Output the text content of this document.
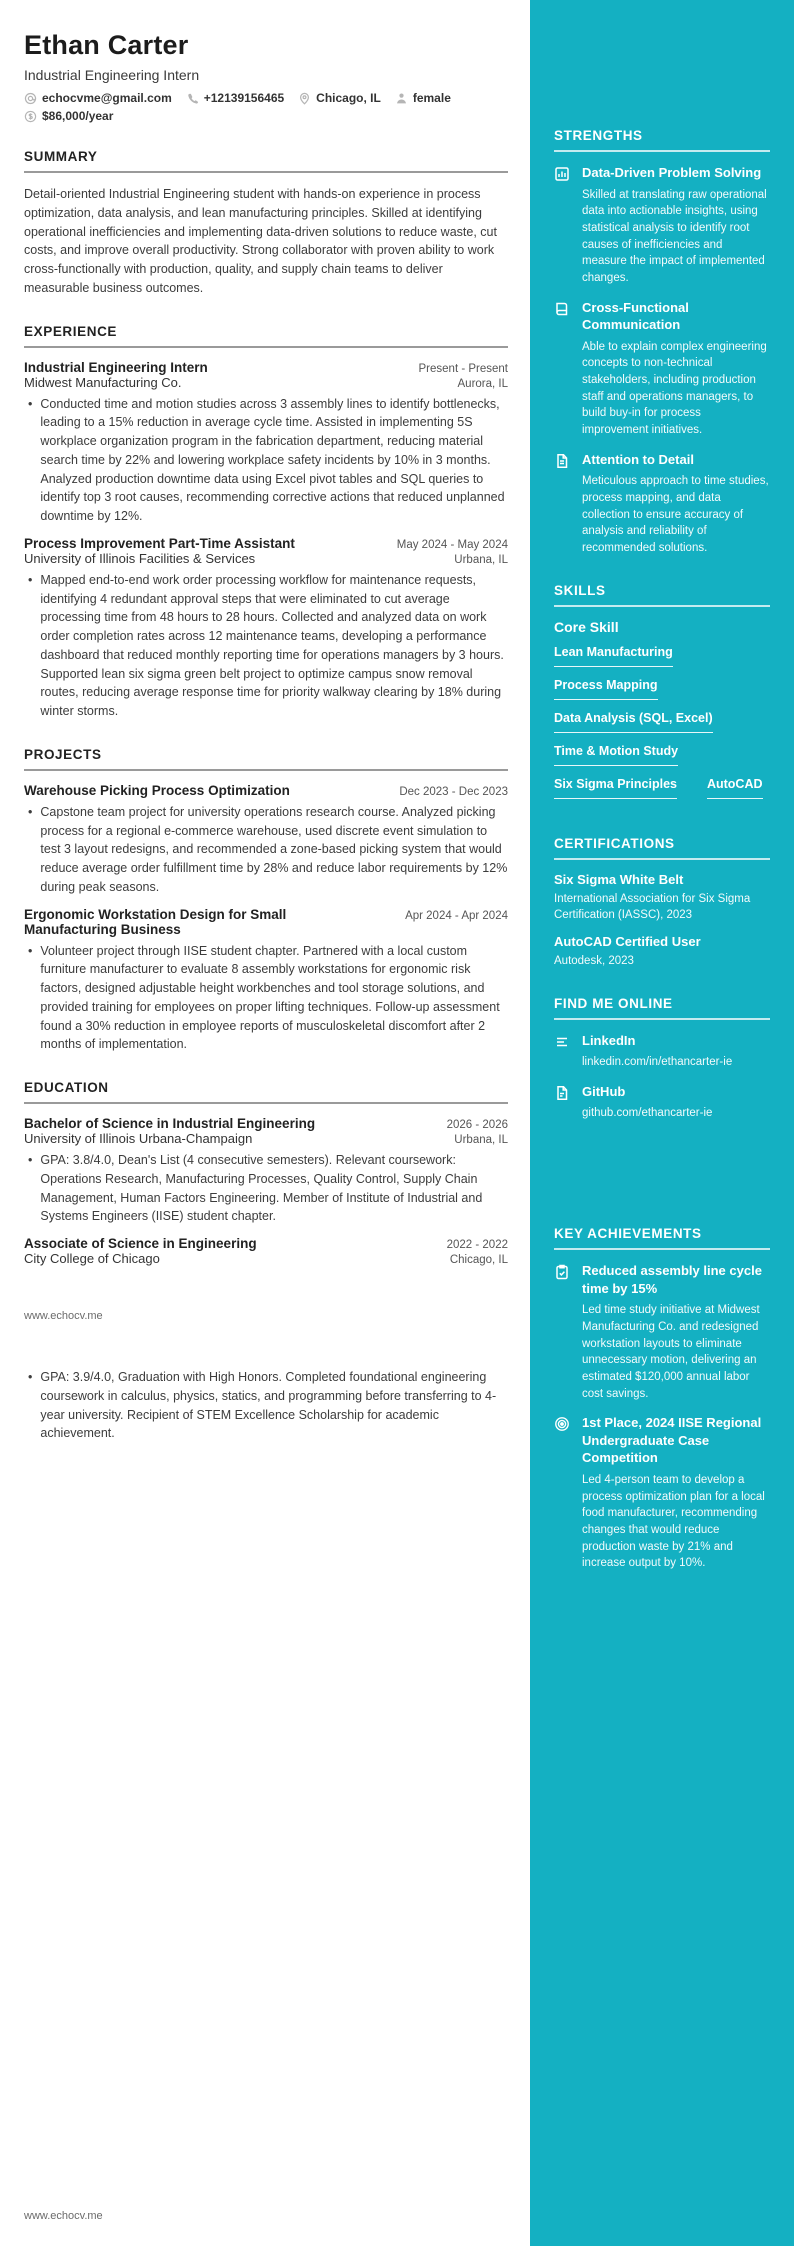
Ethan Carter
Industrial Engineering Intern
echocvme@gmail.com	+12139156465	Chicago, IL	female
$86,000/year
SUMMARY
Detail-oriented Industrial Engineering student with hands-on experience in process optimization, data analysis, and lean manufacturing principles. Skilled at identifying operational inefficiencies and implementing data-driven solutions to reduce waste, cut costs, and improve overall productivity. Strong collaborator with proven ability to work cross-functionally with production, quality, and supply chain teams to deliver measurable business outcomes.
EXPERIENCE
Industrial Engineering Intern	Present - Present
Midwest Manufacturing Co.	Aurora, IL
• Conducted time and motion studies across 3 assembly lines to identify bottlenecks, leading to a 15% reduction in average cycle time. Assisted in implementing 5S workplace organization program in the fabrication department, reducing material search time by 22% and lowering workplace safety incidents by 10% in 3 months. Analyzed production downtime data using Excel pivot tables and SQL queries to identify top 3 root causes, recommending corrective actions that reduced unplanned downtime by 12%.
Process Improvement Part-Time Assistant	May 2024 - May 2024
University of Illinois Facilities & Services	Urbana, IL
• Mapped end-to-end work order processing workflow for maintenance requests, identifying 4 redundant approval steps that were eliminated to cut average processing time from 48 hours to 28 hours. Collected and analyzed data on work order completion rates across 12 maintenance teams, developing a performance dashboard that reduced monthly reporting time for operations managers by 3 hours. Supported lean six sigma green belt project to optimize campus snow removal routes, reducing average response time for priority walkway clearing by 18% during winter storms.
PROJECTS
Warehouse Picking Process Optimization	Dec 2023 - Dec 2023
• Capstone team project for university operations research course. Analyzed picking process for a regional e-commerce warehouse, used discrete event simulation to test 3 layout redesigns, and recommended a zone-based picking system that would reduce average order fulfillment time by 28% and reduce labor requirements by 12% during peak seasons.
Ergonomic Workstation Design for Small Manufacturing Business
Apr 2024 - Apr 2024
• Volunteer project through IISE student chapter. Partnered with a local custom furniture manufacturer to evaluate 8 assembly workstations for ergonomic risk factors, designed adjustable height workbenches and tool storage solutions, and provided training for employees on proper lifting techniques. Follow-up assessment found a 30% reduction in employee reports of musculoskeletal discomfort after 2 months of implementation.
EDUCATION
Bachelor of Science in Industrial Engineering	2026 - 2026
University of Illinois Urbana-Champaign	Urbana, IL
• GPA: 3.8/4.0, Dean's List (4 consecutive semesters). Relevant coursework: Operations Research, Manufacturing Processes, Quality Control, Supply Chain Management, Human Factors Engineering. Member of Institute of Industrial and Systems Engineers (IISE) student chapter.
Associate of Science in Engineering	2022 - 2022
City College of Chicago	Chicago, IL
www.echocv.me
• GPA: 3.9/4.0, Graduation with High Honors. Completed foundational engineering coursework in calculus, physics, statics, and programming before transferring to 4-year university. Recipient of STEM Excellence Scholarship for academic achievement.
www.echocv.me
STRENGTHS
Data-Driven Problem Solving
Skilled at translating raw operational data into actionable insights, using statistical analysis to identify root causes of inefficiencies and measure the impact of implemented changes.
Cross-Functional Communication
Able to explain complex engineering concepts to non-technical stakeholders, including production staff and operations managers, to build buy-in for process improvement initiatives.
Attention to Detail
Meticulous approach to time studies, process mapping, and data collection to ensure accuracy of analysis and reliability of recommended solutions.
SKILLS
Core Skill
Lean Manufacturing
Process Mapping
Data Analysis (SQL, Excel)
Time & Motion Study
Six Sigma Principles AutoCAD
CERTIFICATIONS
Six Sigma White Belt
International Association for Six Sigma Certification (IASSC), 2023
AutoCAD Certified User
Autodesk, 2023
FIND ME ONLINE
LinkedIn
linkedin.com/in/ethancarter-ie
GitHub
github.com/ethancarter-ie
KEY ACHIEVEMENTS
Reduced assembly line cycle time by 15%
Led time study initiative at Midwest Manufacturing Co. and redesigned workstation layouts to eliminate unnecessary motion, delivering an estimated $120,000 annual labor cost savings.
1st Place, 2024 IISE Regional Undergraduate Case Competition
Led 4-person team to develop a process optimization plan for a local food manufacturer, recommending changes that would reduce production waste by 21% and increase output by 10%.
